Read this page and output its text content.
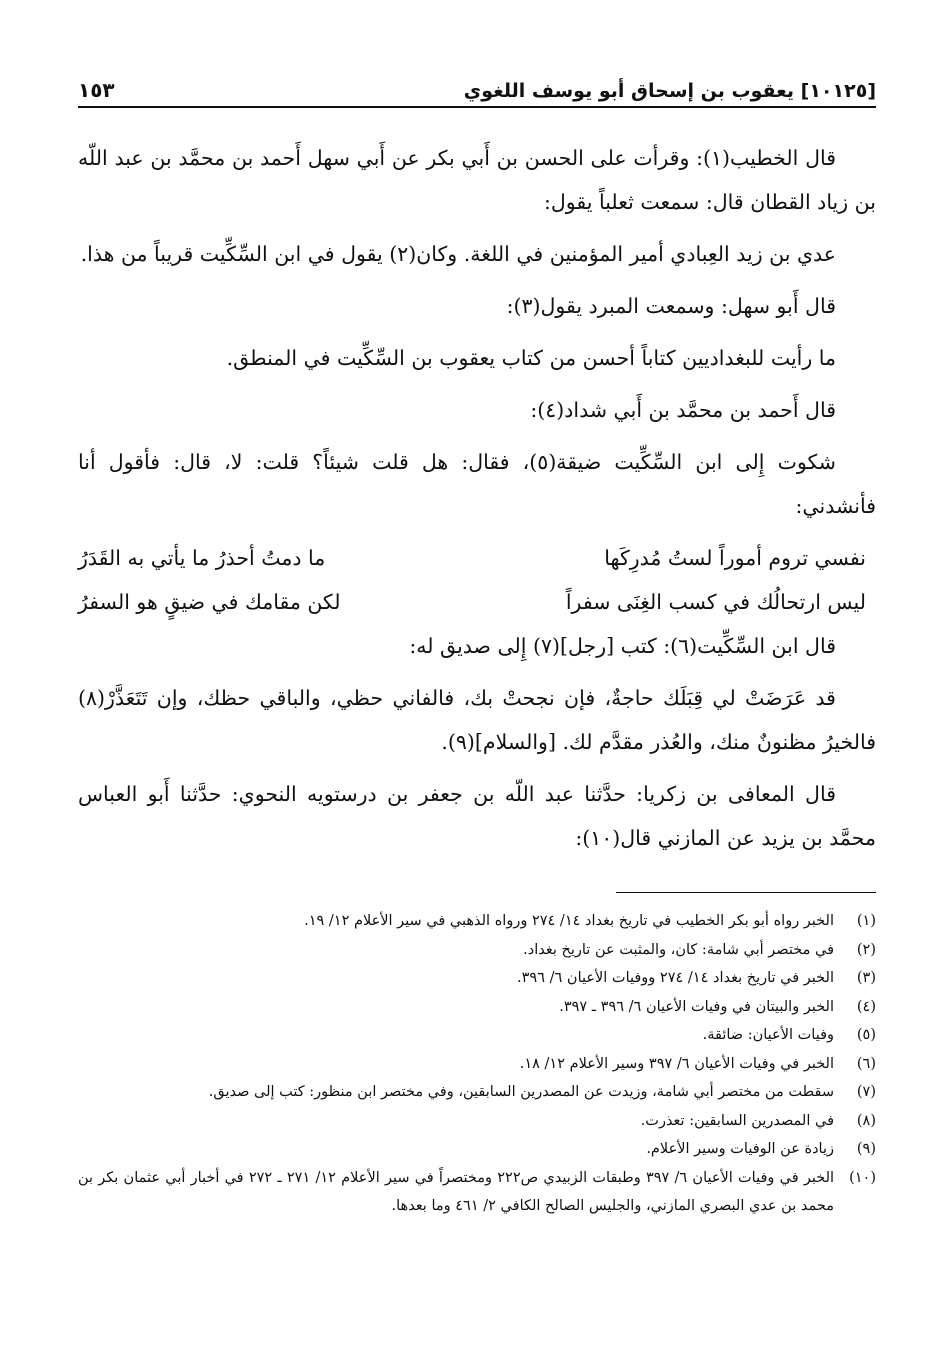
[١٠١٢٥] يعقوب بن إسحاق أبو يوسف اللغوي
١٥٣

قال الخطيب(١): وقرأت على الحسن بن أَبي بكر عن أَبي سهل أَحمد بن محمَّد بن عبد اللّه بن زياد القطان قال: سمعت ثعلباً يقول:

عدي بن زيد العِبادي أمير المؤمنين في اللغة. وكان(٢) يقول في ابن السِّكِّيت قريباً من هذا.

قال أَبو سهل: وسمعت المبرد يقول(٣):

ما رأيت للبغداديين كتاباً أحسن من كتاب يعقوب بن السِّكِّيت في المنطق.

قال أَحمد بن محمَّد بن أَبي شداد(٤):

شكوت إِلى ابن السِّكِّيت ضيقة(٥)، فقال: هل قلت شيئاً؟ قلت: لا، قال: فأقول أنا فأنشدني:

نفسي تروم أموراً لستُ مُدرِكَها
ما دمتُ أحذرُ ما يأتي به القَدَرُ
ليس ارتحالُك في كسب الغِنَى سفراً
لكن مقامك في ضيقٍ هو السفرُ

قال ابن السِّكِّيت(٦): كتب [رجل](٧) إِلى صديق له:

قد عَرَضَتْ لي قِبَلَك حاجةٌ، فإن نجحتْ بك، فالفاني حظي، والباقي حظك، وإن تَتَعَذَّرْ(٨) فالخيرُ مظنونٌ منك، والعُذر مقدَّم لك. [والسلام](٩).

قال المعافى بن زكريا: حدَّثنا عبد اللّه بن جعفر بن درستويه النحوي: حدَّثنا أَبو العباس محمَّد بن يزيد عن المازني قال(١٠):

(١)
الخبر رواه أبو بكر الخطيب في تاريخ بغداد ١٤/ ٢٧٤ ورواه الذهبي في سير الأعلام ١٢/ ١٩.
(٢)
في مختصر أبي شامة: كان، والمثبت عن تاريخ بغداد.
(٣)
الخبر في تاريخ بغداد ١٤/ ٢٧٤ ووفيات الأعيان ٦/ ٣٩٦.
(٤)
الخبر والبيتان في وفيات الأعيان ٦/ ٣٩٦ ـ ٣٩٧.
(٥)
وفيات الأعيان: ضائقة.
(٦)
الخبر في وفيات الأعيان ٦/ ٣٩٧ وسير الأعلام ١٢/ ١٨.
(٧)
سقطت من مختصر أبي شامة، وزيدت عن المصدرين السابقين، وفي مختصر ابن منظور: كتب إلى صديق.
(٨)
في المصدرين السابقين: تعذرت.
(٩)
زيادة عن الوفيات وسير الأعلام.
(١٠)
الخبر في وفيات الأعيان ٦/ ٣٩٧ وطبقات الزبيدي ص٢٢٢ ومختصراً في سير الأعلام ١٢/ ٢٧١ ـ ٢٧٢ في أخبار أبي عثمان بكر بن محمد بن عدي البصري المازني، والجليس الصالح الكافي ٢/ ٤٦١ وما بعدها.
